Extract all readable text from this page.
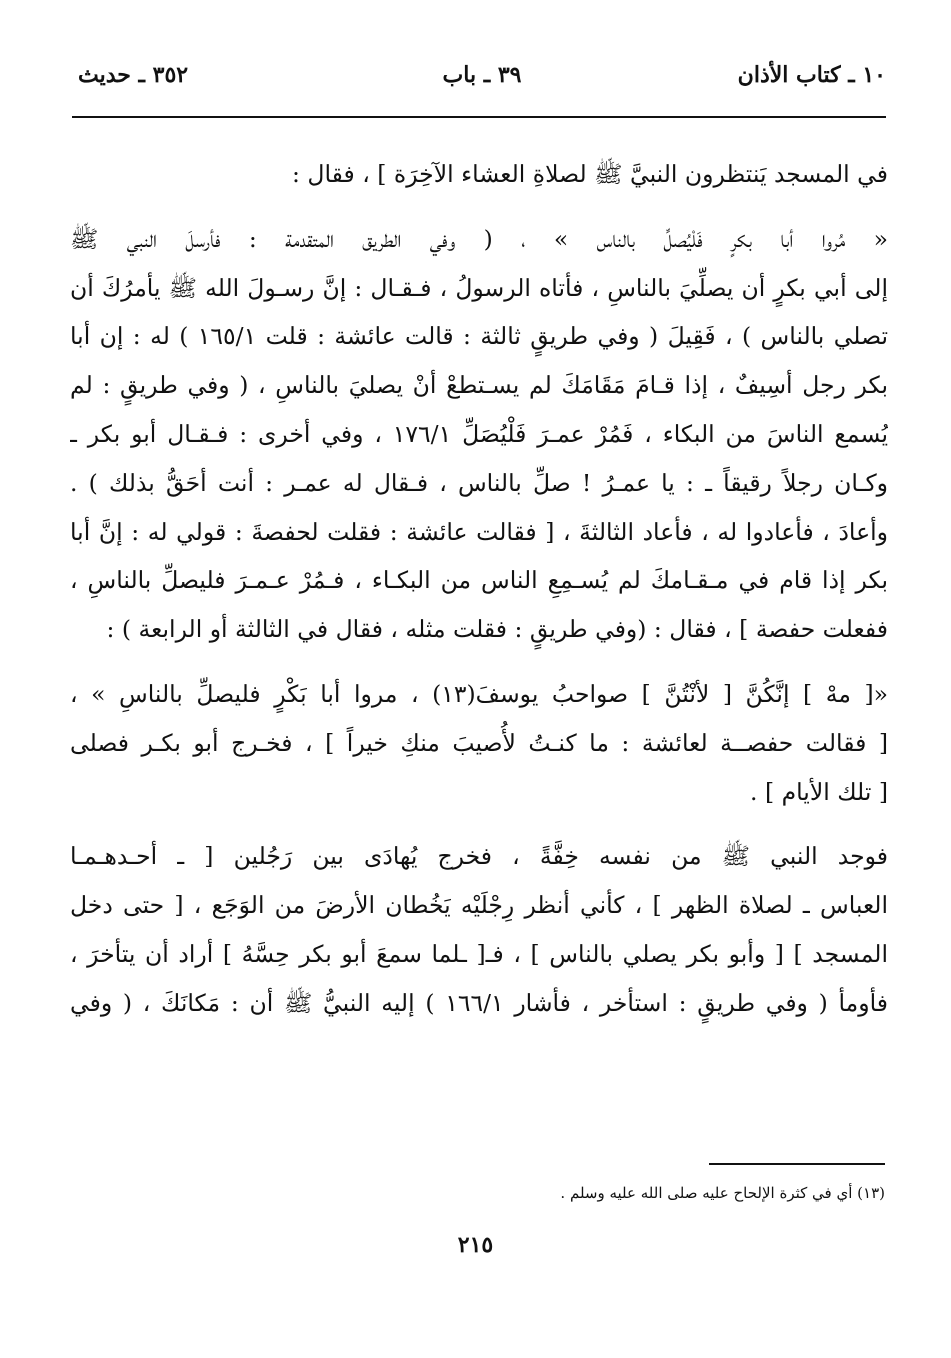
١٠ ـ كتاب الأذان
٣٩ ـ باب
٣٥٢ ـ حديث
في المسجد يَنتظرون النبيَّ ﷺ لصلاةِ العشاء الآخِرَة ] ، فقال :
« مُروا أبا بكرٍ فَلْيُصلِّ بالناس » ، ( وفي الطريق المتقدمة : فأرسلَ النبي ﷺ
إلى أبي بكرٍ أن يصلِّيَ بالناسِ ، فأتاه الرسولُ ، فـقـال : إنَّ رسـولَ الله ﷺ يأمرُكَ أن
تصلي بالناس ) ، فَقِيلَ ( وفي طريقٍ ثالثة : قالت عائشة : قلت ١٦٥/١ ) له : إن أبا
بكر رجل أسِيفٌ ، إذا قـامَ مَقَامَكَ لم يسـتطعْ أنْ يصليَ بالناسِ ، ( وفي طريقٍ : لم
يُسمع الناسَ من البكاء ، فَمُرْ عمـرَ فَلْيُصَلِّ ١٧٦/١ ، وفي أخرى : فـقـال أبو بكر ـ
وكـان رجلاً رقيقاً ـ : يا عمـرُ ! صلِّ بالناس ، فـقال له عمـر : أنت أحَقُّ بذلك ) .
وأعادَ ، فأعادوا له ، فأعاد الثالثةَ ، [ فقالت عائشة : فقلت لحفصةَ : قولي له : إنَّ أبا
بكر إذا قام في مـقـامكَ لم يُسـمِعِ الناس من البكـاء ، فـمُرْ عـمـرَ فليصلِّ بالناسِ ،
ففعلت حفصة ] ، فقال : (وفي طريقٍ : فقلت مثله ، فقال في الثالثة أو الرابعة ) :
«[ مهْ ] إنَّكُنَّ [ لأنْتُنَّ ] صواحبُ يوسفَ(١٣) ، مروا أبا بَكْرٍ فليصلِّ بالناسِ » ،
[ فقالت حفصــة لعائشة : ما كنـتُ لأُصيبَ منكِ خيراً ] ، فخـرج أبو بكـر فصلى
[ تلك الأيام ] .
فوجد النبي ﷺ من نفسه خِفَّةً ، فخرج يُهادَى بين رَجُلين [ ـ أحـدهـمـا
العباس ـ لصلاة الظهر ] ، كأني أنظر رِجْلَيْه يَخُطان الأرضَ من الوَجَع ، [ حتى دخل
المسجد ] [ وأبو بكر يصلي بالناس ] ، فـ[ ـلما سمعَ أبو بكر حِسَّهُ ] أراد أن يتأخرَ ،
فأومأ ( وفي طريقٍ : استأخر ، فأشار ١٦٦/١ ) إليه النبيُّ ﷺ أن : مَكانَكَ ، ( وفي
(١٣) أي في كثرة الإلحاح عليه صلى الله عليه وسلم .
٢١٥
